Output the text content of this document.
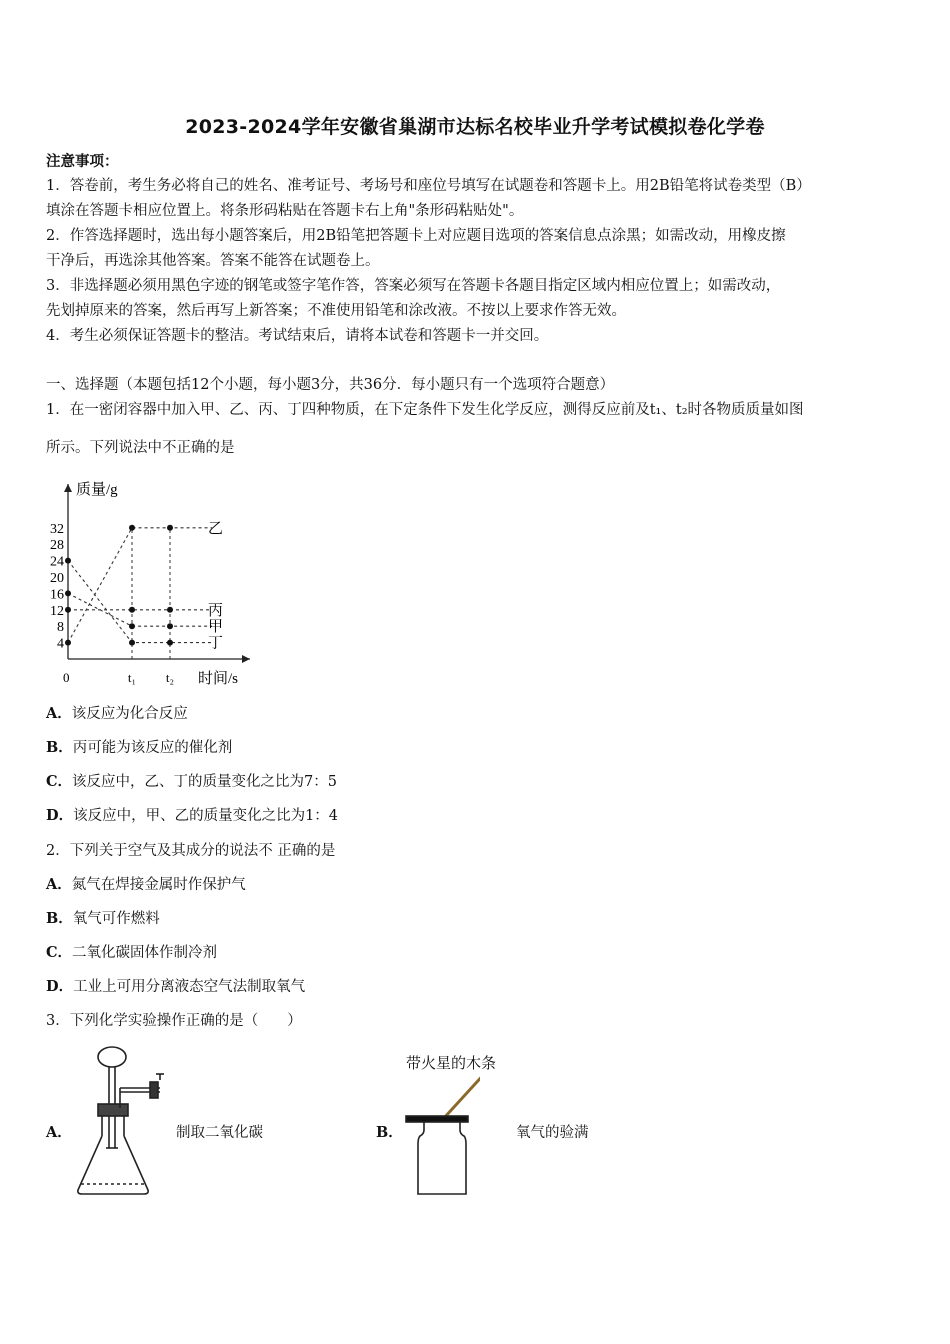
2023-2024学年安徽省巢湖市达标名校毕业升学考试模拟卷化学卷
注意事项：
1．答卷前，考生务必将自己的姓名、准考证号、考场号和座位号填写在试题卷和答题卡上。用2B铅笔将试卷类型（B）
填涂在答题卡相应位置上。将条形码粘贴在答题卡右上角"条形码粘贴处"。
2．作答选择题时，选出每小题答案后，用2B铅笔把答题卡上对应题目选项的答案信息点涂黑；如需改动，用橡皮擦
干净后，再选涂其他答案。答案不能答在试题卷上。
3．非选择题必须用黑色字迹的钢笔或签字笔作答，答案必须写在答题卡各题目指定区域内相应位置上；如需改动，
先划掉原来的答案，然后再写上新答案；不准使用铅笔和涂改液。不按以上要求作答无效。
4．考生必须保证答题卡的整洁。考试结束后，请将本试卷和答题卡一并交回。
一、选择题（本题包括12个小题，每小题3分，共36分．每小题只有一个选项符合题意）
1．在一密闭容器中加入甲、乙、丙、丁四种物质，在下定条件下发生化学反应，测得反应前及t₁、t₂时各物质质量如图
所示。下列说法中不正确的是
4
8
12
16
20
24
28
32
t₁ t₂
乙
丙
甲
丁
质量/g
时间/s
0
A．该反应为化合反应
B．丙可能为该反应的催化剂
C．该反应中，乙、丁的质量变化之比为7：5
D．该反应中，甲、乙的质量变化之比为1：4
2．下列关于空气及其成分的说法不 正确的是
A．氮气在焊接金属时作保护气
B．氧气可作燃料
C．二氧化碳固体作制冷剂
D．工业上可用分离液态空气法制取氧气
3．下列化学实验操作正确的是（　　）
A．	制取二氧化碳	B．
带火星的木条
氧气的验满
